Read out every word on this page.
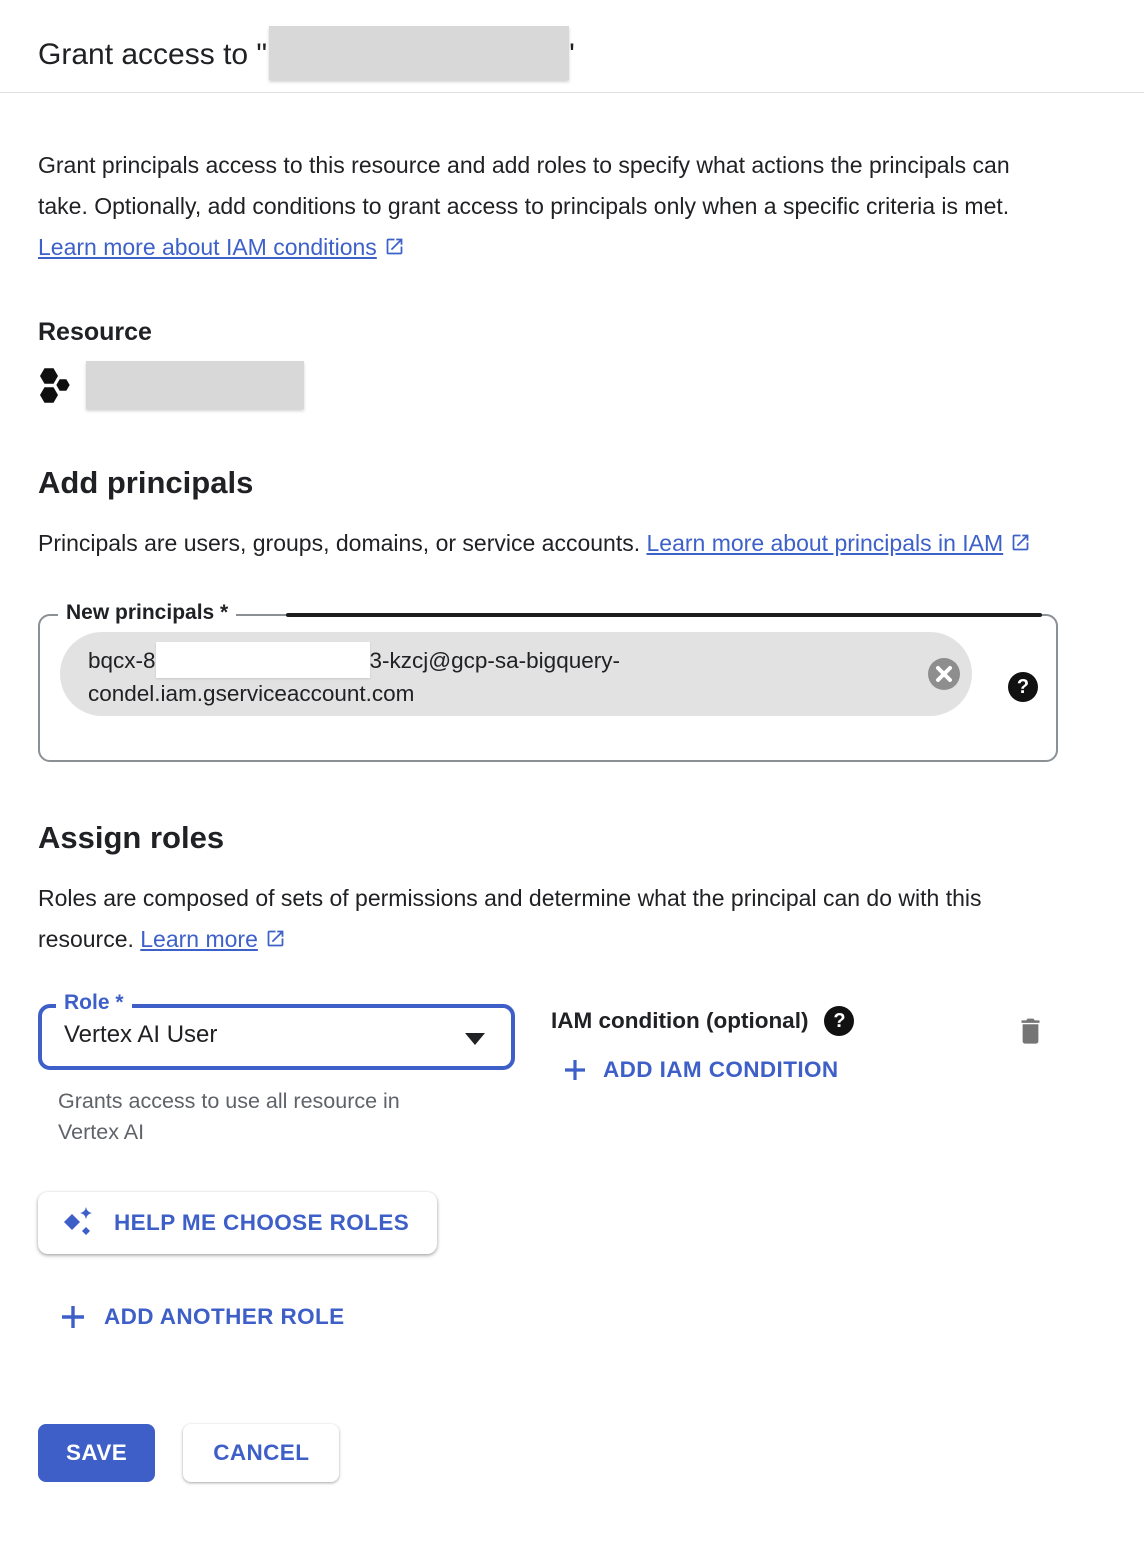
Grant access to "	'

Grant principals access to this resource and add roles to specify what actions the principals can take. Optionally, add conditions to grant access to principals only when a specific criteria is met. Learn more about IAM conditions

Resource
Add principals

Principals are users, groups, domains, or service accounts. Learn more about principals in IAM

New principals *
bqcx-8	3-kzcj@gcp-sa-bigquery-
condel.iam.gserviceaccount.com	?
Assign roles

Roles are composed of sets of permissions and determine what the principal can do with this resource. Learn more

Role *
Vertex AI User
Grants access to use all resource in Vertex AI
IAM condition (optional)	?
ADD IAM CONDITION
HELP ME CHOOSE ROLES
ADD ANOTHER ROLE
SAVE	CANCEL
